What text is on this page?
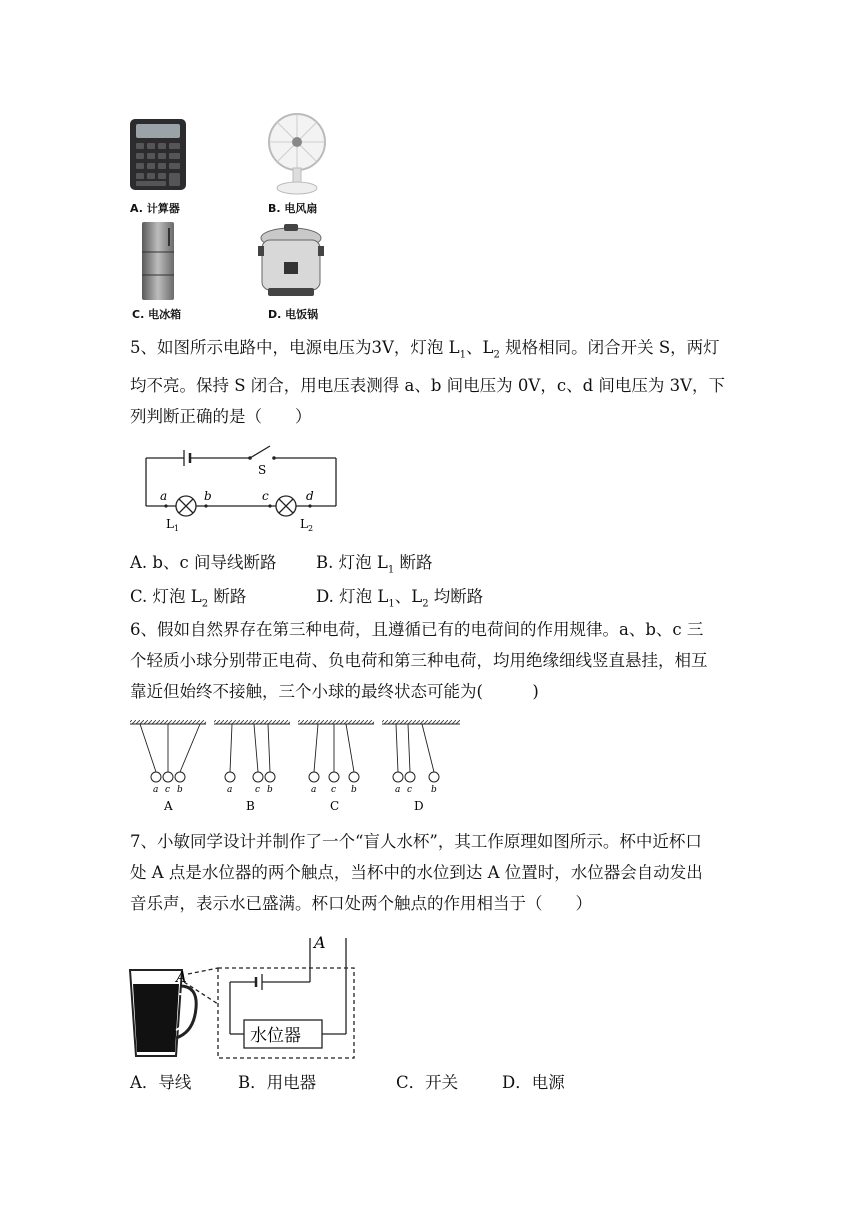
A. 计算器	B. 电风扇
C. 电冰箱	D. 电饭锅
5、如图所示电路中，电源电压为3V，灯泡 $L_1$、$L_2$ 规格相同。闭合开关 S，两灯
均不亮。保持 S 闭合，用电压表测得 a、b 间电压为 0V，c、d 间电压为 3V，下
列判断正确的是（　　）
S
a	b	c	d
$L_1$	$L_2$
A. b、c 间导线断路 B. 灯泡 $L_1$ 断路
C. 灯泡 $L_2$ 断路	D. 灯泡 $L_1$、$L_2$ 均断路
6、假如自然界存在第三种电荷，且遵循已有的电荷间的作用规律。a、b、c 三
个轻质小球分别带正电荷、负电荷和第三种电荷，均用绝缘细线竖直悬挂，相互
靠近但始终不接触，三个小球的最终状态可能为(　　　)
a c b
A
a	c b
B
a c b
C
a c b
D
7、小敏同学设计并制作了一个“盲人水杯”，其工作原理如图所示。杯中近杯口
处 A 点是水位器的两个触点，当杯中的水位到达 A 位置时，水位器会自动发出
音乐声，表示水已盛满。杯口处两个触点的作用相当于（　　）
A
A
水位器
A．导线	B．用电器	C．开关	D．电源
